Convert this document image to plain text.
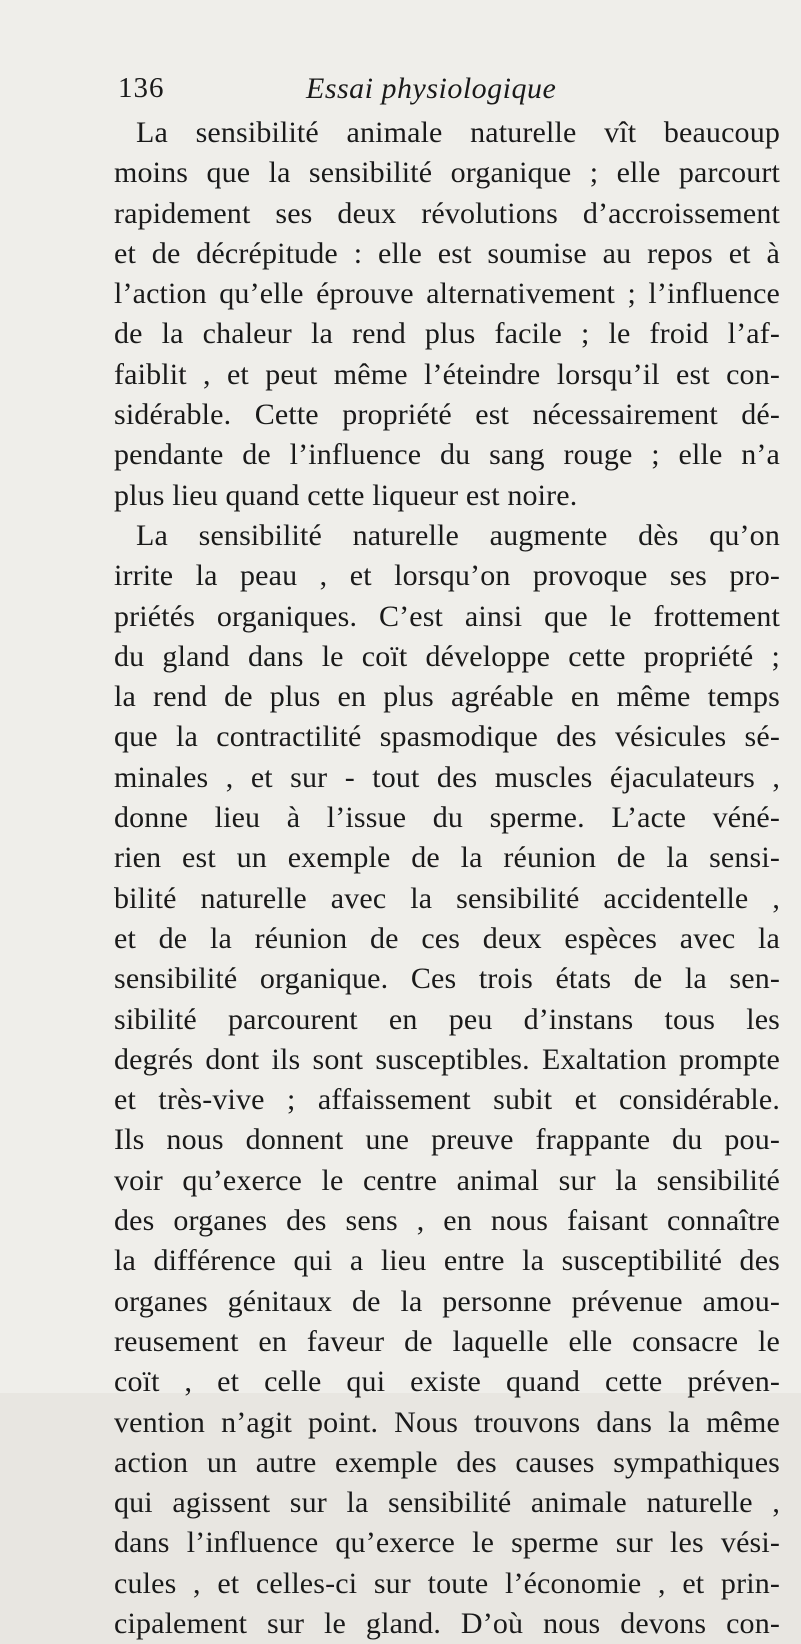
136	Essai physiologique
La sensibilité animale naturelle vît beaucoup
moins que la sensibilité organique ; elle parcourt
rapidement ses deux révolutions d’accroissement
et de décrépitude : elle est soumise au repos et à
l’action qu’elle éprouve alternativement ; l’influence
de la chaleur la rend plus facile ; le froid l’af-
faiblit , et peut même l’éteindre lorsqu’il est con-
sidérable. Cette propriété est nécessairement dé-
pendante de l’influence du sang rouge ; elle n’a
plus lieu quand cette liqueur est noire.
La sensibilité naturelle augmente dès qu’on
irrite la peau , et lorsqu’on provoque ses pro-
priétés organiques. C’est ainsi que le frottement
du gland dans le coït développe cette propriété ;
la rend de plus en plus agréable en même temps
que la contractilité spasmodique des vésicules sé-
minales , et sur - tout des muscles éjaculateurs ,
donne lieu à l’issue du sperme. L’acte véné-
rien est un exemple de la réunion de la sensi-
bilité naturelle avec la sensibilité accidentelle ,
et de la réunion de ces deux espèces avec la
sensibilité organique. Ces trois états de la sen-
sibilité parcourent en peu d’instans tous les
degrés dont ils sont susceptibles. Exaltation prompte
et très-vive ; affaissement subit et considérable.
Ils nous donnent une preuve frappante du pou-
voir qu’exerce le centre animal sur la sensibilité
des organes des sens , en nous faisant connaître
la différence qui a lieu entre la susceptibilité des
organes génitaux de la personne prévenue amou-
reusement en faveur de laquelle elle consacre le
coït , et celle qui existe quand cette préven-
vention n’agit point. Nous trouvons dans la même
action un autre exemple des causes sympathiques
qui agissent sur la sensibilité animale naturelle ,
dans l’influence qu’exerce le sperme sur les vési-
cules , et celles-ci sur toute l’économie , et prin-
cipalement sur le gland. D’où nous devons con-
